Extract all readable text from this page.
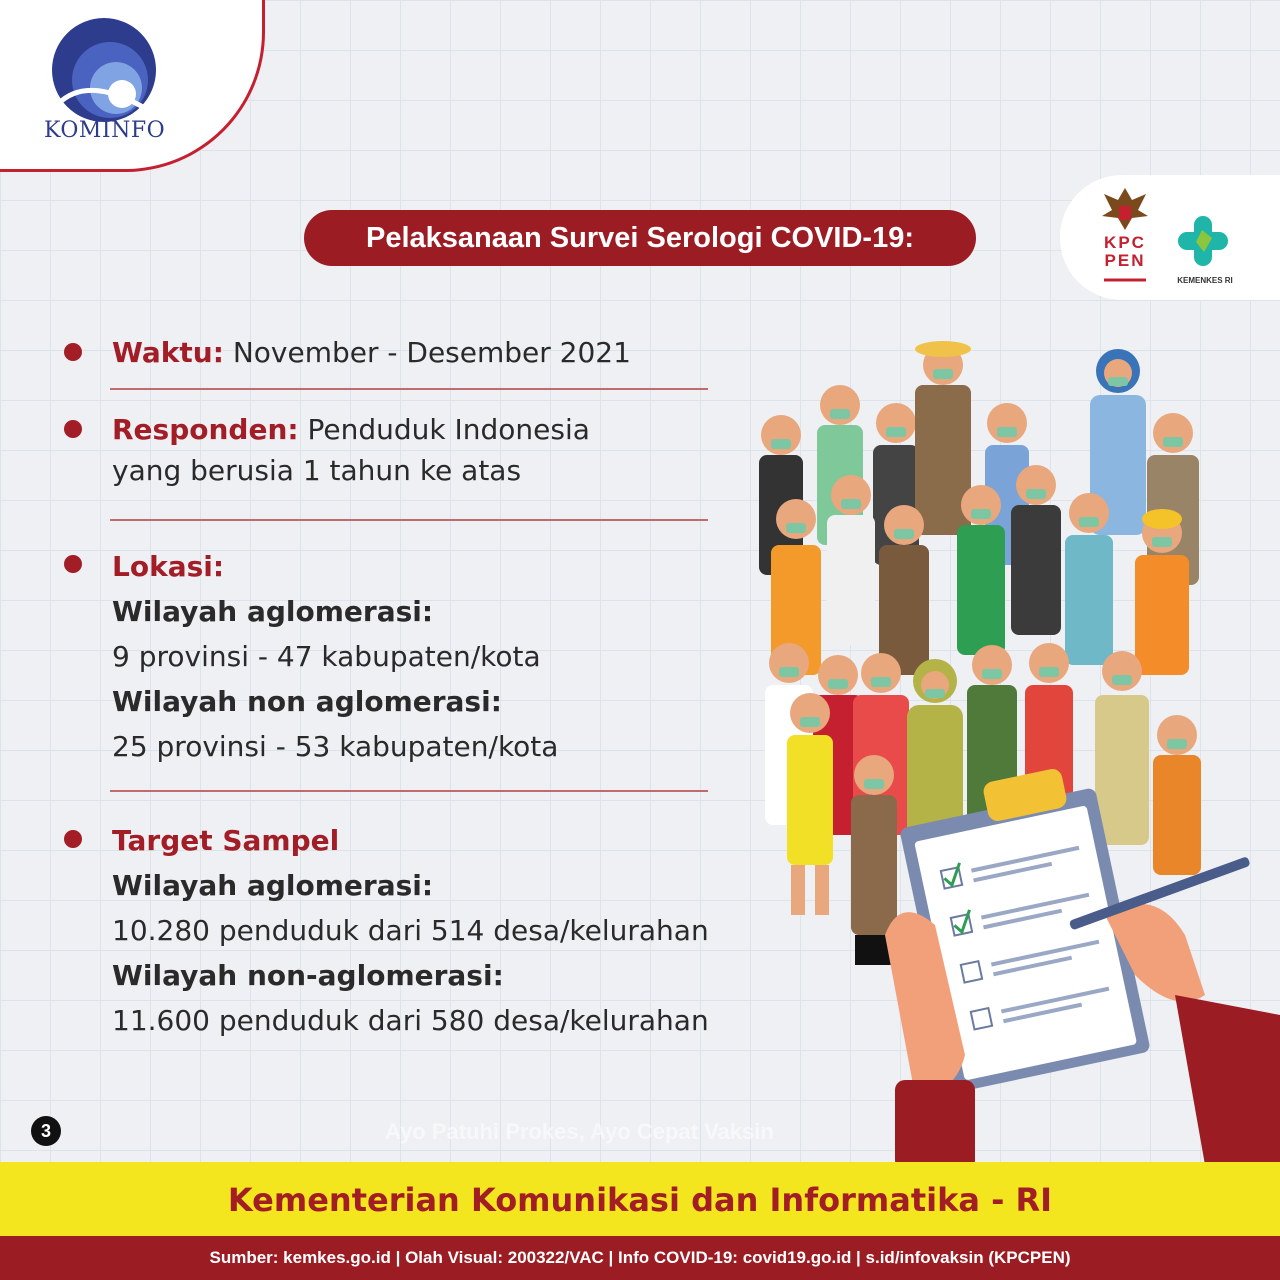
KOMINFO
KPC
PEN
KEMENKES RI
Pelaksanaan Survei Serologi COVID-19:
Waktu: November - Desember 2021
Responden: Penduduk Indonesia
yang berusia 1 tahun ke atas
Lokasi:
Wilayah aglomerasi:
9 provinsi - 47 kabupaten/kota
Wilayah non aglomerasi:
25 provinsi - 53 kabupaten/kota
Target Sampel
Wilayah aglomerasi:
10.280 penduduk dari 514 desa/kelurahan
Wilayah non-aglomerasi:
11.600 penduduk dari 580 desa/kelurahan
3	Ayo Patuhi Prokes, Ayo Cepat Vaksin
Kementerian Komunikasi dan Informatika - RI
Sumber: kemkes.go.id | Olah Visual: 200322/VAC | Info COVID-19: covid19.go.id | s.id/infovaksin (KPCPEN)
